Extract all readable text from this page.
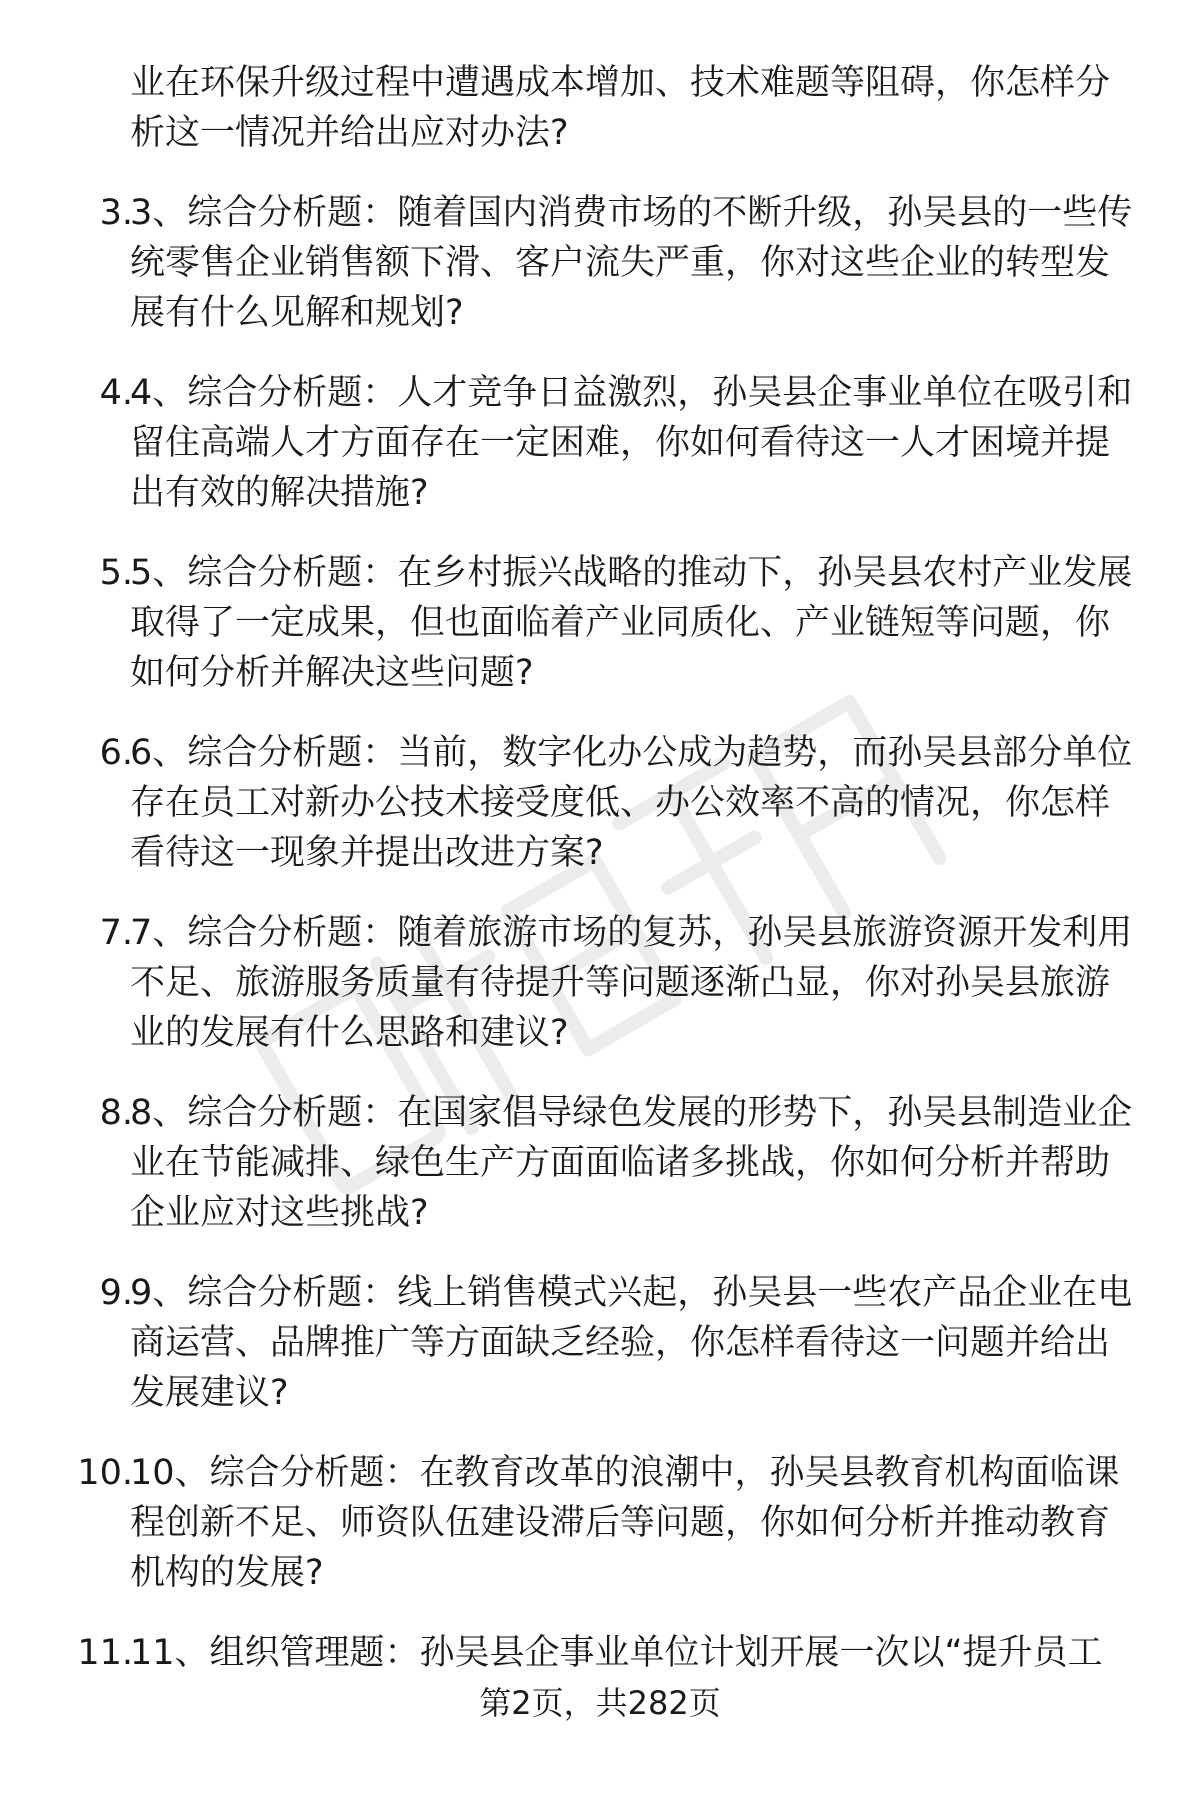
业在环保升级过程中遭遇成本增加、技术难题等阻碍，你怎样分
析这一情况并给出应对办法?
3.
3、综合分析题：随着国内消费市场的不断升级，孙吴县的一些传
统零售企业销售额下滑、客户流失严重，你对这些企业的转型发
展有什么见解和规划?
4.
4、综合分析题：人才竞争日益激烈，孙吴县企事业单位在吸引和
留住高端人才方面存在一定困难，你如何看待这一人才困境并提
出有效的解决措施?
5.
5、综合分析题：在乡村振兴战略的推动下，孙吴县农村产业发展
取得了一定成果，但也面临着产业同质化、产业链短等问题，你
如何分析并解决这些问题?
6.
6、综合分析题：当前，数字化办公成为趋势，而孙吴县部分单位
存在员工对新办公技术接受度低、办公效率不高的情况，你怎样
看待这一现象并提出改进方案?
7.
7、综合分析题：随着旅游市场的复苏，孙吴县旅游资源开发利用
不足、旅游服务质量有待提升等问题逐渐凸显，你对孙吴县旅游
业的发展有什么思路和建议?
8.
8、综合分析题：在国家倡导绿色发展的形势下，孙吴县制造业企
业在节能减排、绿色生产方面面临诸多挑战，你如何分析并帮助
企业应对这些挑战?
9.
9、综合分析题：线上销售模式兴起，孙吴县一些农产品企业在电
商运营、品牌推广等方面缺乏经验，你怎样看待这一问题并给出
发展建议?
10.
10、综合分析题：在教育改革的浪潮中，孙吴县教育机构面临课
程创新不足、师资队伍建设滞后等问题，你如何分析并推动教育
机构的发展?
11.
11、组织管理题：孙吴县企事业单位计划开展一次以“提升员工
第2页，共282页
